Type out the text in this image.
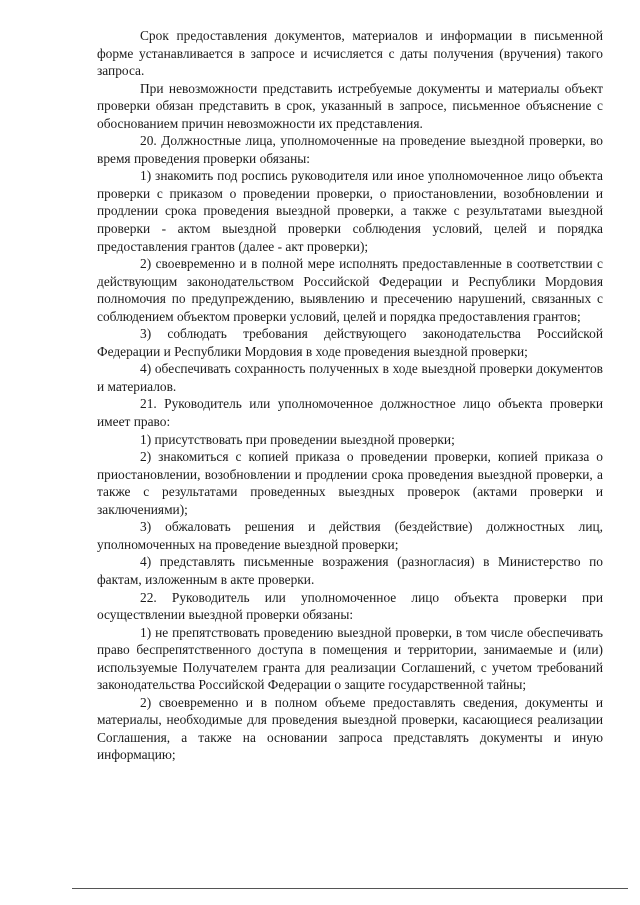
Срок предоставления документов, материалов и информации в письменной форме устанавливается в запросе и исчисляется с даты получения (вручения) такого запроса.

При невозможности представить истребуемые документы и материалы объект проверки обязан представить в срок, указанный в запросе, письменное объяснение с обоснованием причин невозможности их представления.

20. Должностные лица, уполномоченные на проведение выездной проверки, во время проведения проверки обязаны:

1) знакомить под роспись руководителя или иное уполномоченное лицо объекта проверки с приказом о проведении проверки, о приостановлении, возобновлении и продлении срока проведения выездной проверки, а также с результатами выездной проверки - актом выездной проверки соблюдения условий, целей и порядка предоставления грантов (далее - акт проверки);

2) своевременно и в полной мере исполнять предоставленные в соответствии с действующим законодательством Российской Федерации и Республики Мордовия полномочия по предупреждению, выявлению и пресечению нарушений, связанных с соблюдением объектом проверки условий, целей и порядка предоставления грантов;

3) соблюдать требования действующего законодательства Российской Федерации и Республики Мордовия в ходе проведения выездной проверки;

4) обеспечивать сохранность полученных в ходе выездной проверки документов и материалов.

21. Руководитель или уполномоченное должностное лицо объекта проверки имеет право:

1) присутствовать при проведении выездной проверки;

2) знакомиться с копией приказа о проведении проверки, копией приказа о приостановлении, возобновлении и продлении срока проведения выездной проверки, а также с результатами проведенных выездных проверок (актами проверки и заключениями);

3) обжаловать решения и действия (бездействие) должностных лиц, уполномоченных на проведение выездной проверки;

4) представлять письменные возражения (разногласия) в Министерство по фактам, изложенным в акте проверки.

22. Руководитель или уполномоченное лицо объекта проверки при осуществлении выездной проверки обязаны:

1) не препятствовать проведению выездной проверки, в том числе обеспечивать право беспрепятственного доступа в помещения и территории, занимаемые и (или) используемые Получателем гранта для реализации Соглашений, с учетом требований законодательства Российской Федерации о защите государственной тайны;

2) своевременно и в полном объеме предоставлять сведения, документы и материалы, необходимые для проведения выездной проверки, касающиеся реализации Соглашения, а также на основании запроса представлять документы и иную информацию;
